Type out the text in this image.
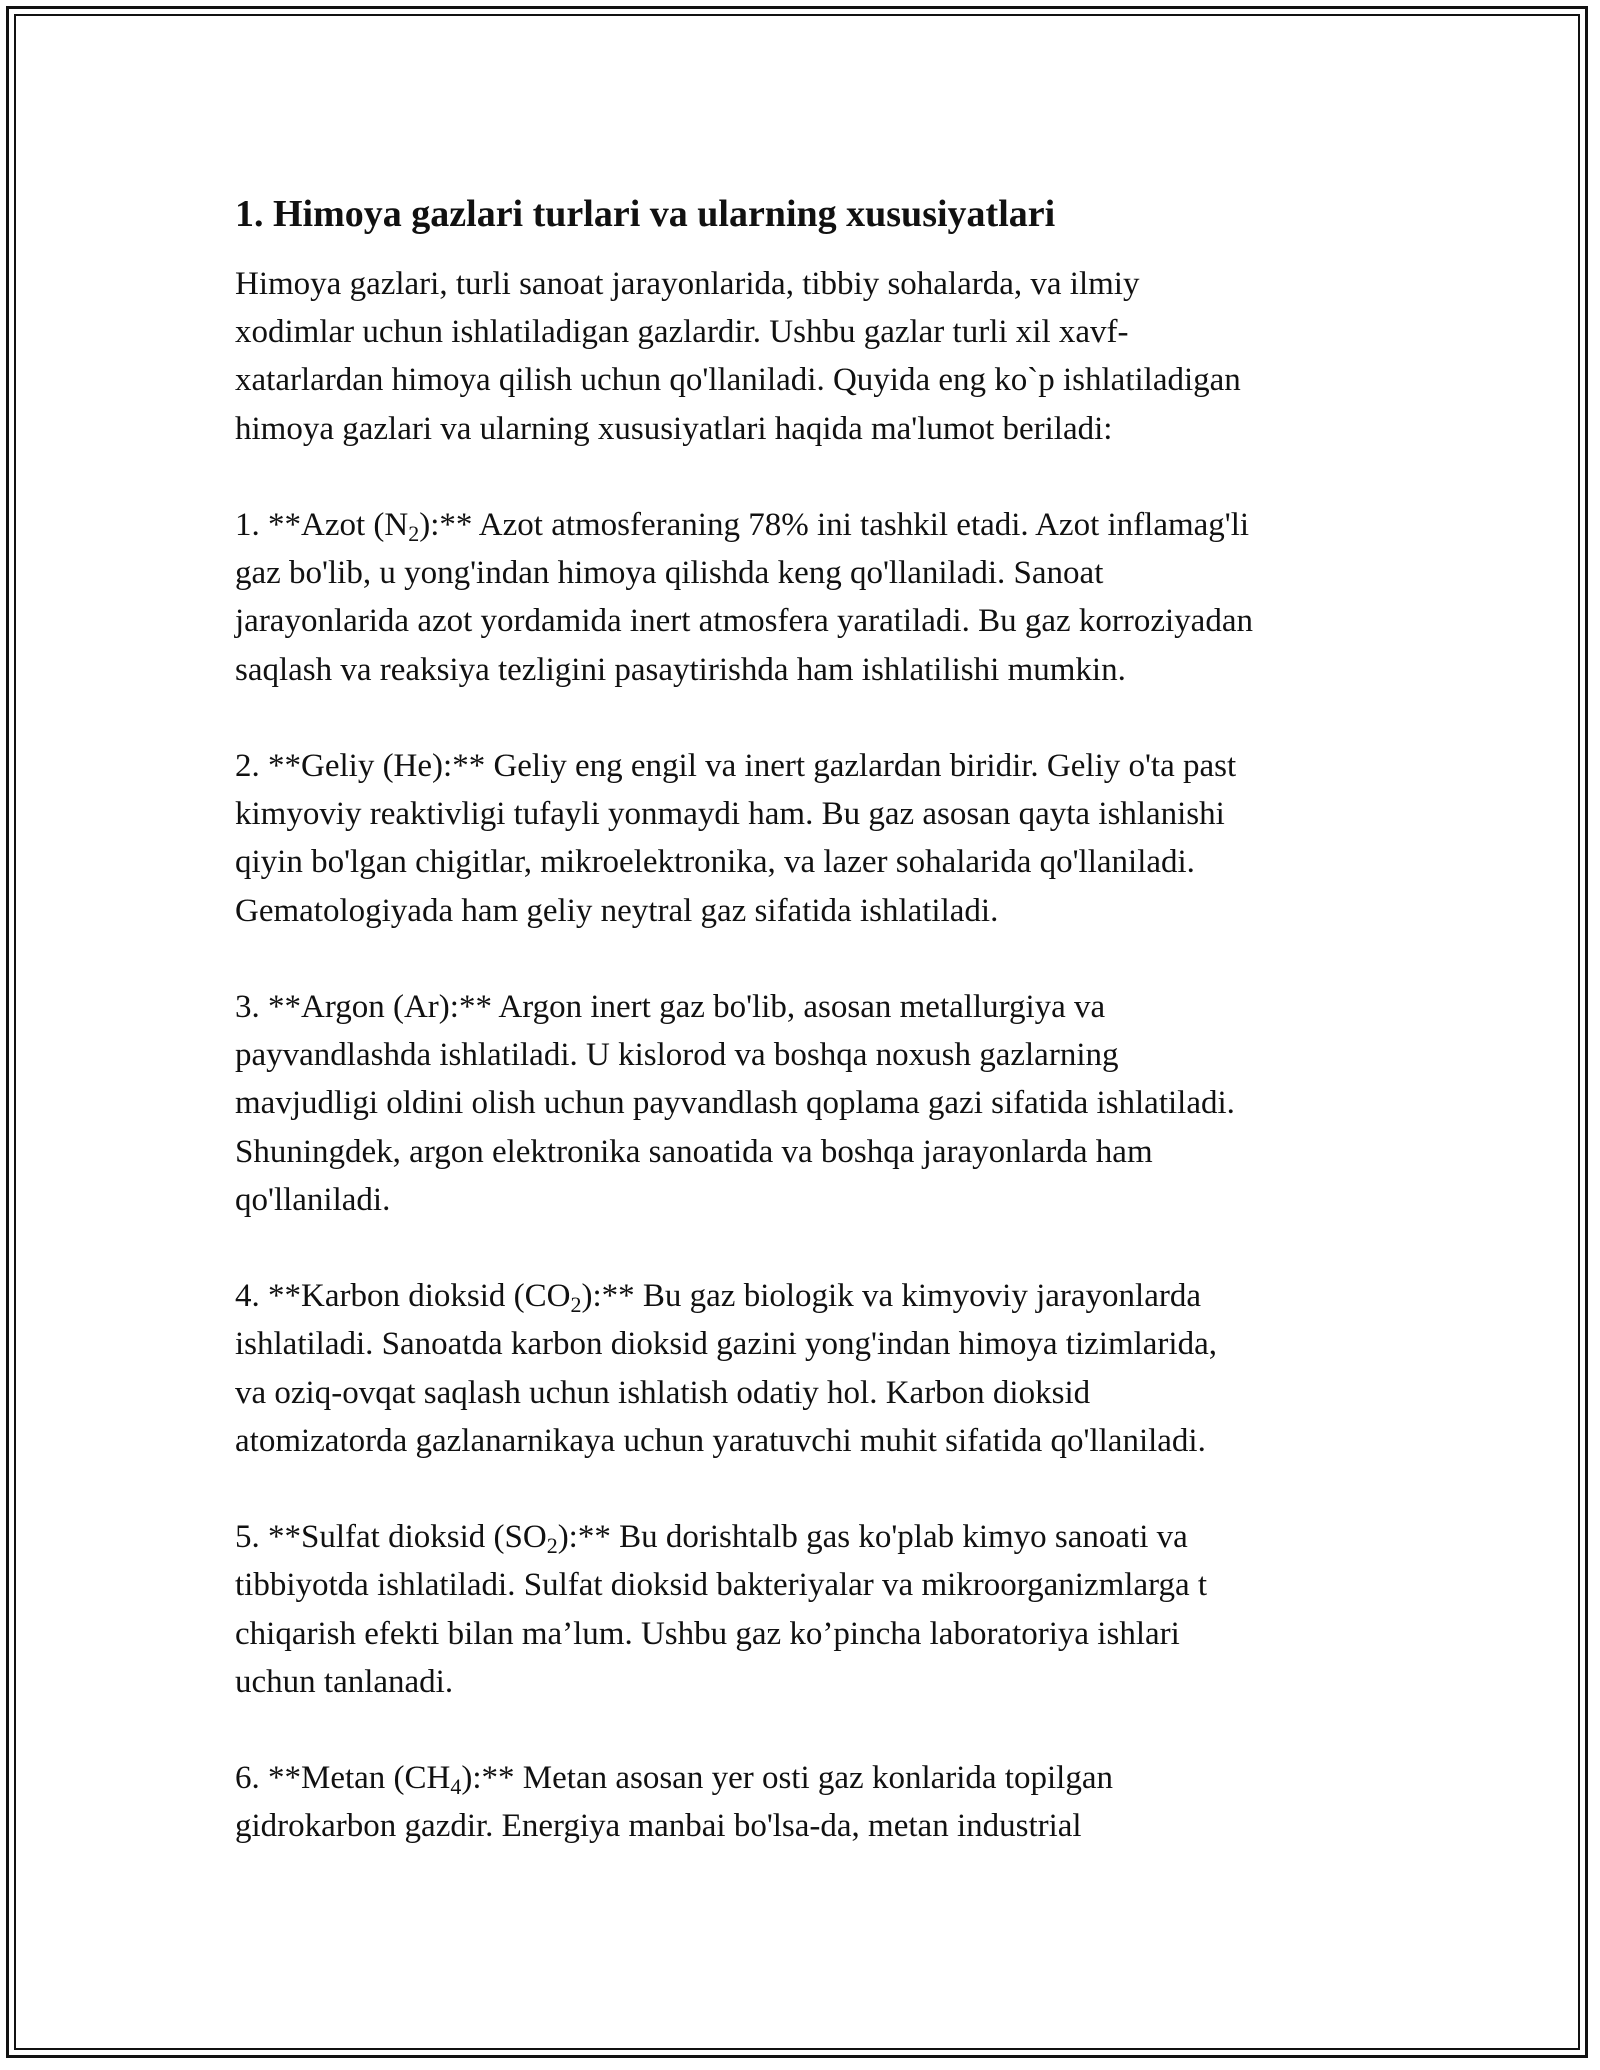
1. Himoya gazlari turlari va ularning xususiyatlari

Himoya gazlari, turli sanoat jarayonlarida, tibbiy sohalarda, va ilmiy
xodimlar uchun ishlatiladigan gazlardir. Ushbu gazlar turli xil xavf-
xatarlardan himoya qilish uchun qo'llaniladi. Quyida eng ko`p ishlatiladigan
himoya gazlari va ularning xususiyatlari haqida ma'lumot beriladi:

1. **Azot $(N_2):**$ Azot atmosferaning 78% ini tashkil etadi. Azot inflamag'li
gaz bo'lib, u yong'indan himoya qilishda keng qo'llaniladi. Sanoat
jarayonlarida azot yordamida inert atmosfera yaratiladi. Bu gaz korroziyadan
saqlash va reaksiya tezligini pasaytirishda ham ishlatilishi mumkin.

2. **Geliy (He):** Geliy eng engil va inert gazlardan biridir. Geliy o'ta past
kimyoviy reaktivligi tufayli yonmaydi ham. Bu gaz asosan qayta ishlanishi
qiyin bo'lgan chigitlar, mikroelektronika, va lazer sohalarida qo'llaniladi.
Gematologiyada ham geliy neytral gaz sifatida ishlatiladi.

3. **Argon (Ar):** Argon inert gaz bo'lib, asosan metallurgiya va
payvandlashda ishlatiladi. U kislorod va boshqa noxush gazlarning
mavjudligi oldini olish uchun payvandlash qoplama gazi sifatida ishlatiladi.
Shuningdek, argon elektronika sanoatida va boshqa jarayonlarda ham
qo'llaniladi.

4. **Karbon dioksid $(CO_2):**$ Bu gaz biologik va kimyoviy jarayonlarda
ishlatiladi. Sanoatda karbon dioksid gazini yong'indan himoya tizimlarida,
va oziq-ovqat saqlash uchun ishlatish odatiy hol. Karbon dioksid
atomizatorda gazlanarnikaya uchun yaratuvchi muhit sifatida qo'llaniladi.

5. **Sulfat dioksid $(SO_2):**$ Bu dorishtalb gas ko'plab kimyo sanoati va
tibbiyotda ishlatiladi. Sulfat dioksid bakteriyalar va mikroorganizmlarga t
chiqarish efekti bilan ma’lum. Ushbu gaz ko’pincha laboratoriya ishlari
uchun tanlanadi.

6. **Metan $(CH_4):**$ Metan asosan yer osti gaz konlarida topilgan
gidrokarbon gazdir. Energiya manbai bo'lsa-da, metan industrial
